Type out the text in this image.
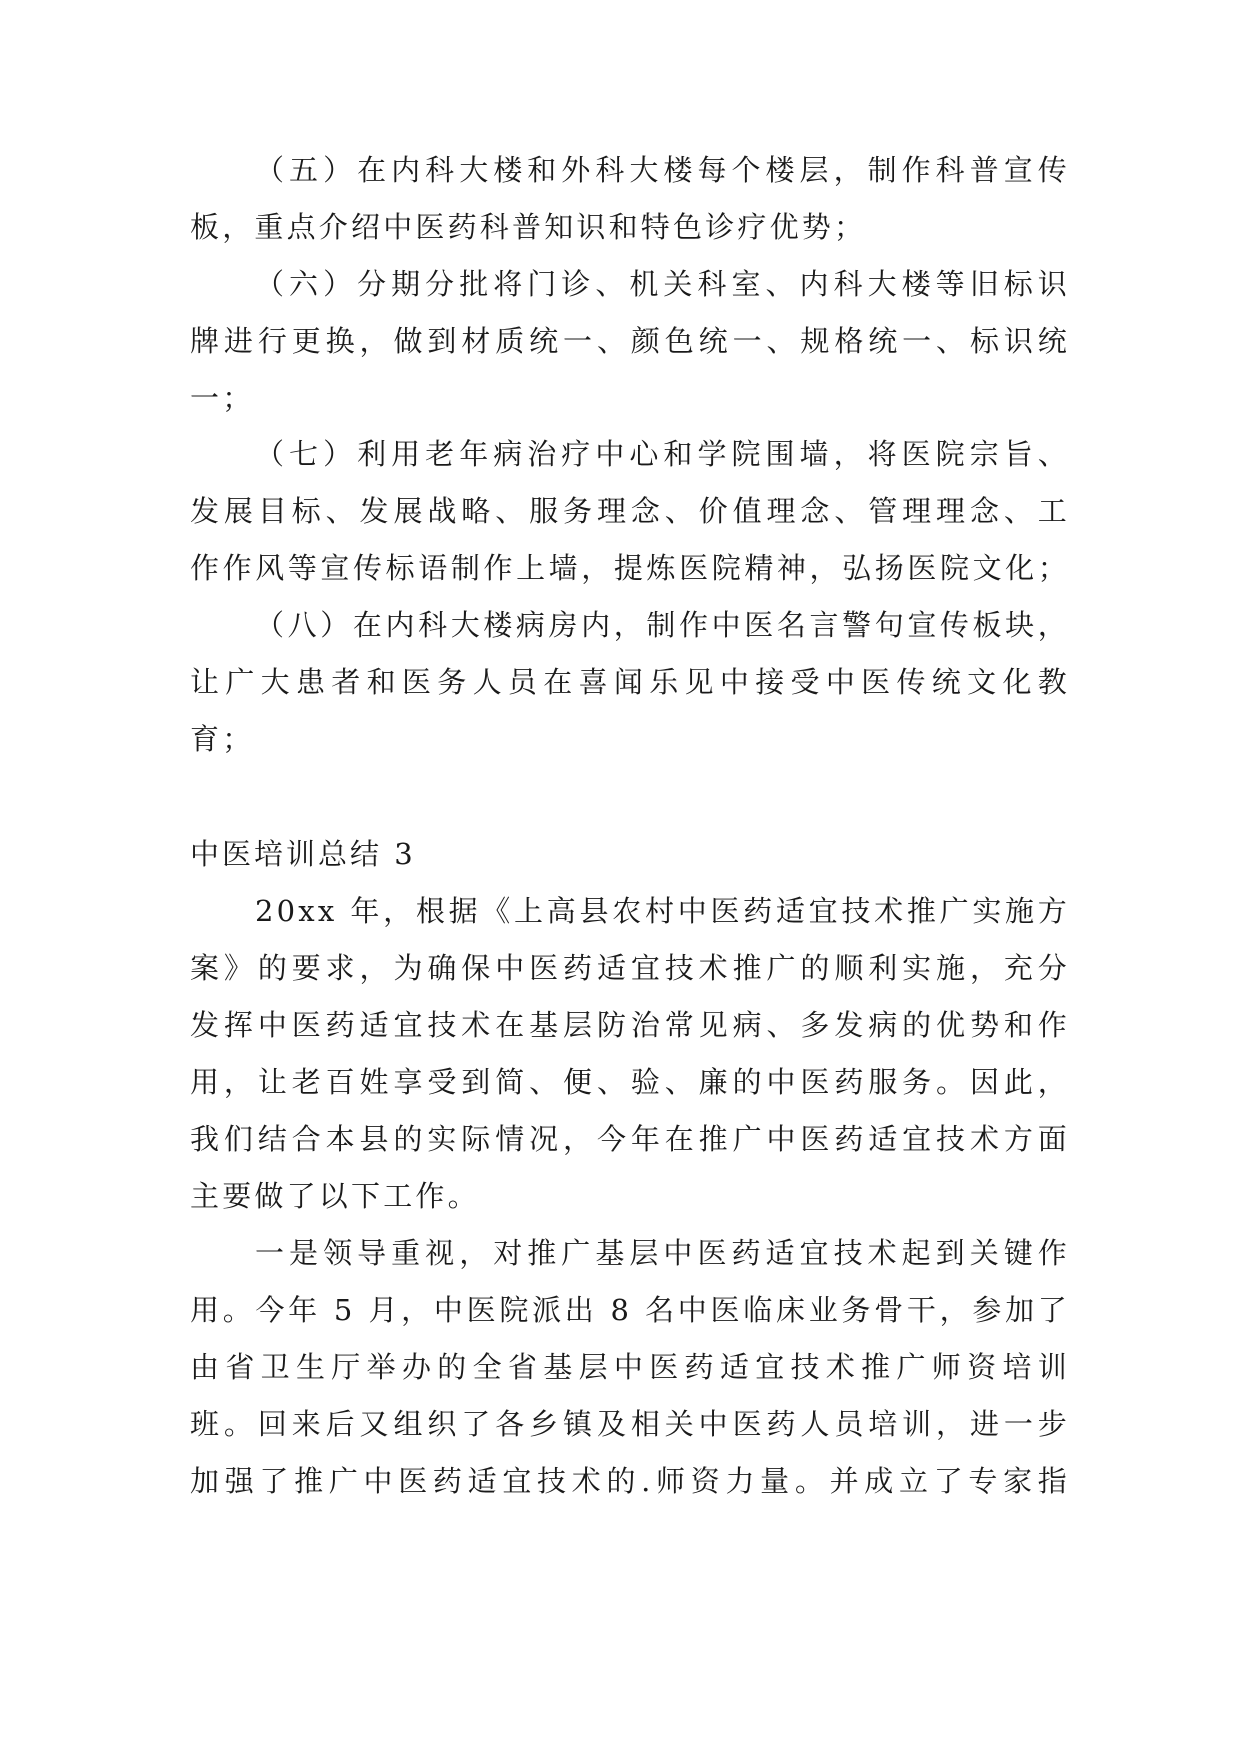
（五）在内科大楼和外科大楼每个楼层，制作科普宣传
板，重点介绍中医药科普知识和特色诊疗优势；
（六）分期分批将门诊、机关科室、内科大楼等旧标识
牌进行更换，做到材质统一、颜色统一、规格统一、标识统
一；
（七）利用老年病治疗中心和学院围墙，将医院宗旨、
发展目标、发展战略、服务理念、价值理念、管理理念、工
作作风等宣传标语制作上墙，提炼医院精神，弘扬医院文化；
（八）在内科大楼病房内，制作中医名言警句宣传板块，
让广大患者和医务人员在喜闻乐见中接受中医传统文化教
育；
中医培训总结 3
20xx 年，根据《上高县农村中医药适宜技术推广实施方
案》的要求，为确保中医药适宜技术推广的顺利实施，充分
发挥中医药适宜技术在基层防治常见病、多发病的优势和作
用，让老百姓享受到简、便、验、廉的中医药服务。因此，
我们结合本县的实际情况，今年在推广中医药适宜技术方面
主要做了以下工作。
一是领导重视，对推广基层中医药适宜技术起到关键作
用。今年 5 月，中医院派出 8 名中医临床业务骨干，参加了
由省卫生厅举办的全省基层中医药适宜技术推广师资培训
班。回来后又组织了各乡镇及相关中医药人员培训，进一步
加强了推广中医药适宜技术的.师资力量。并成立了专家指
